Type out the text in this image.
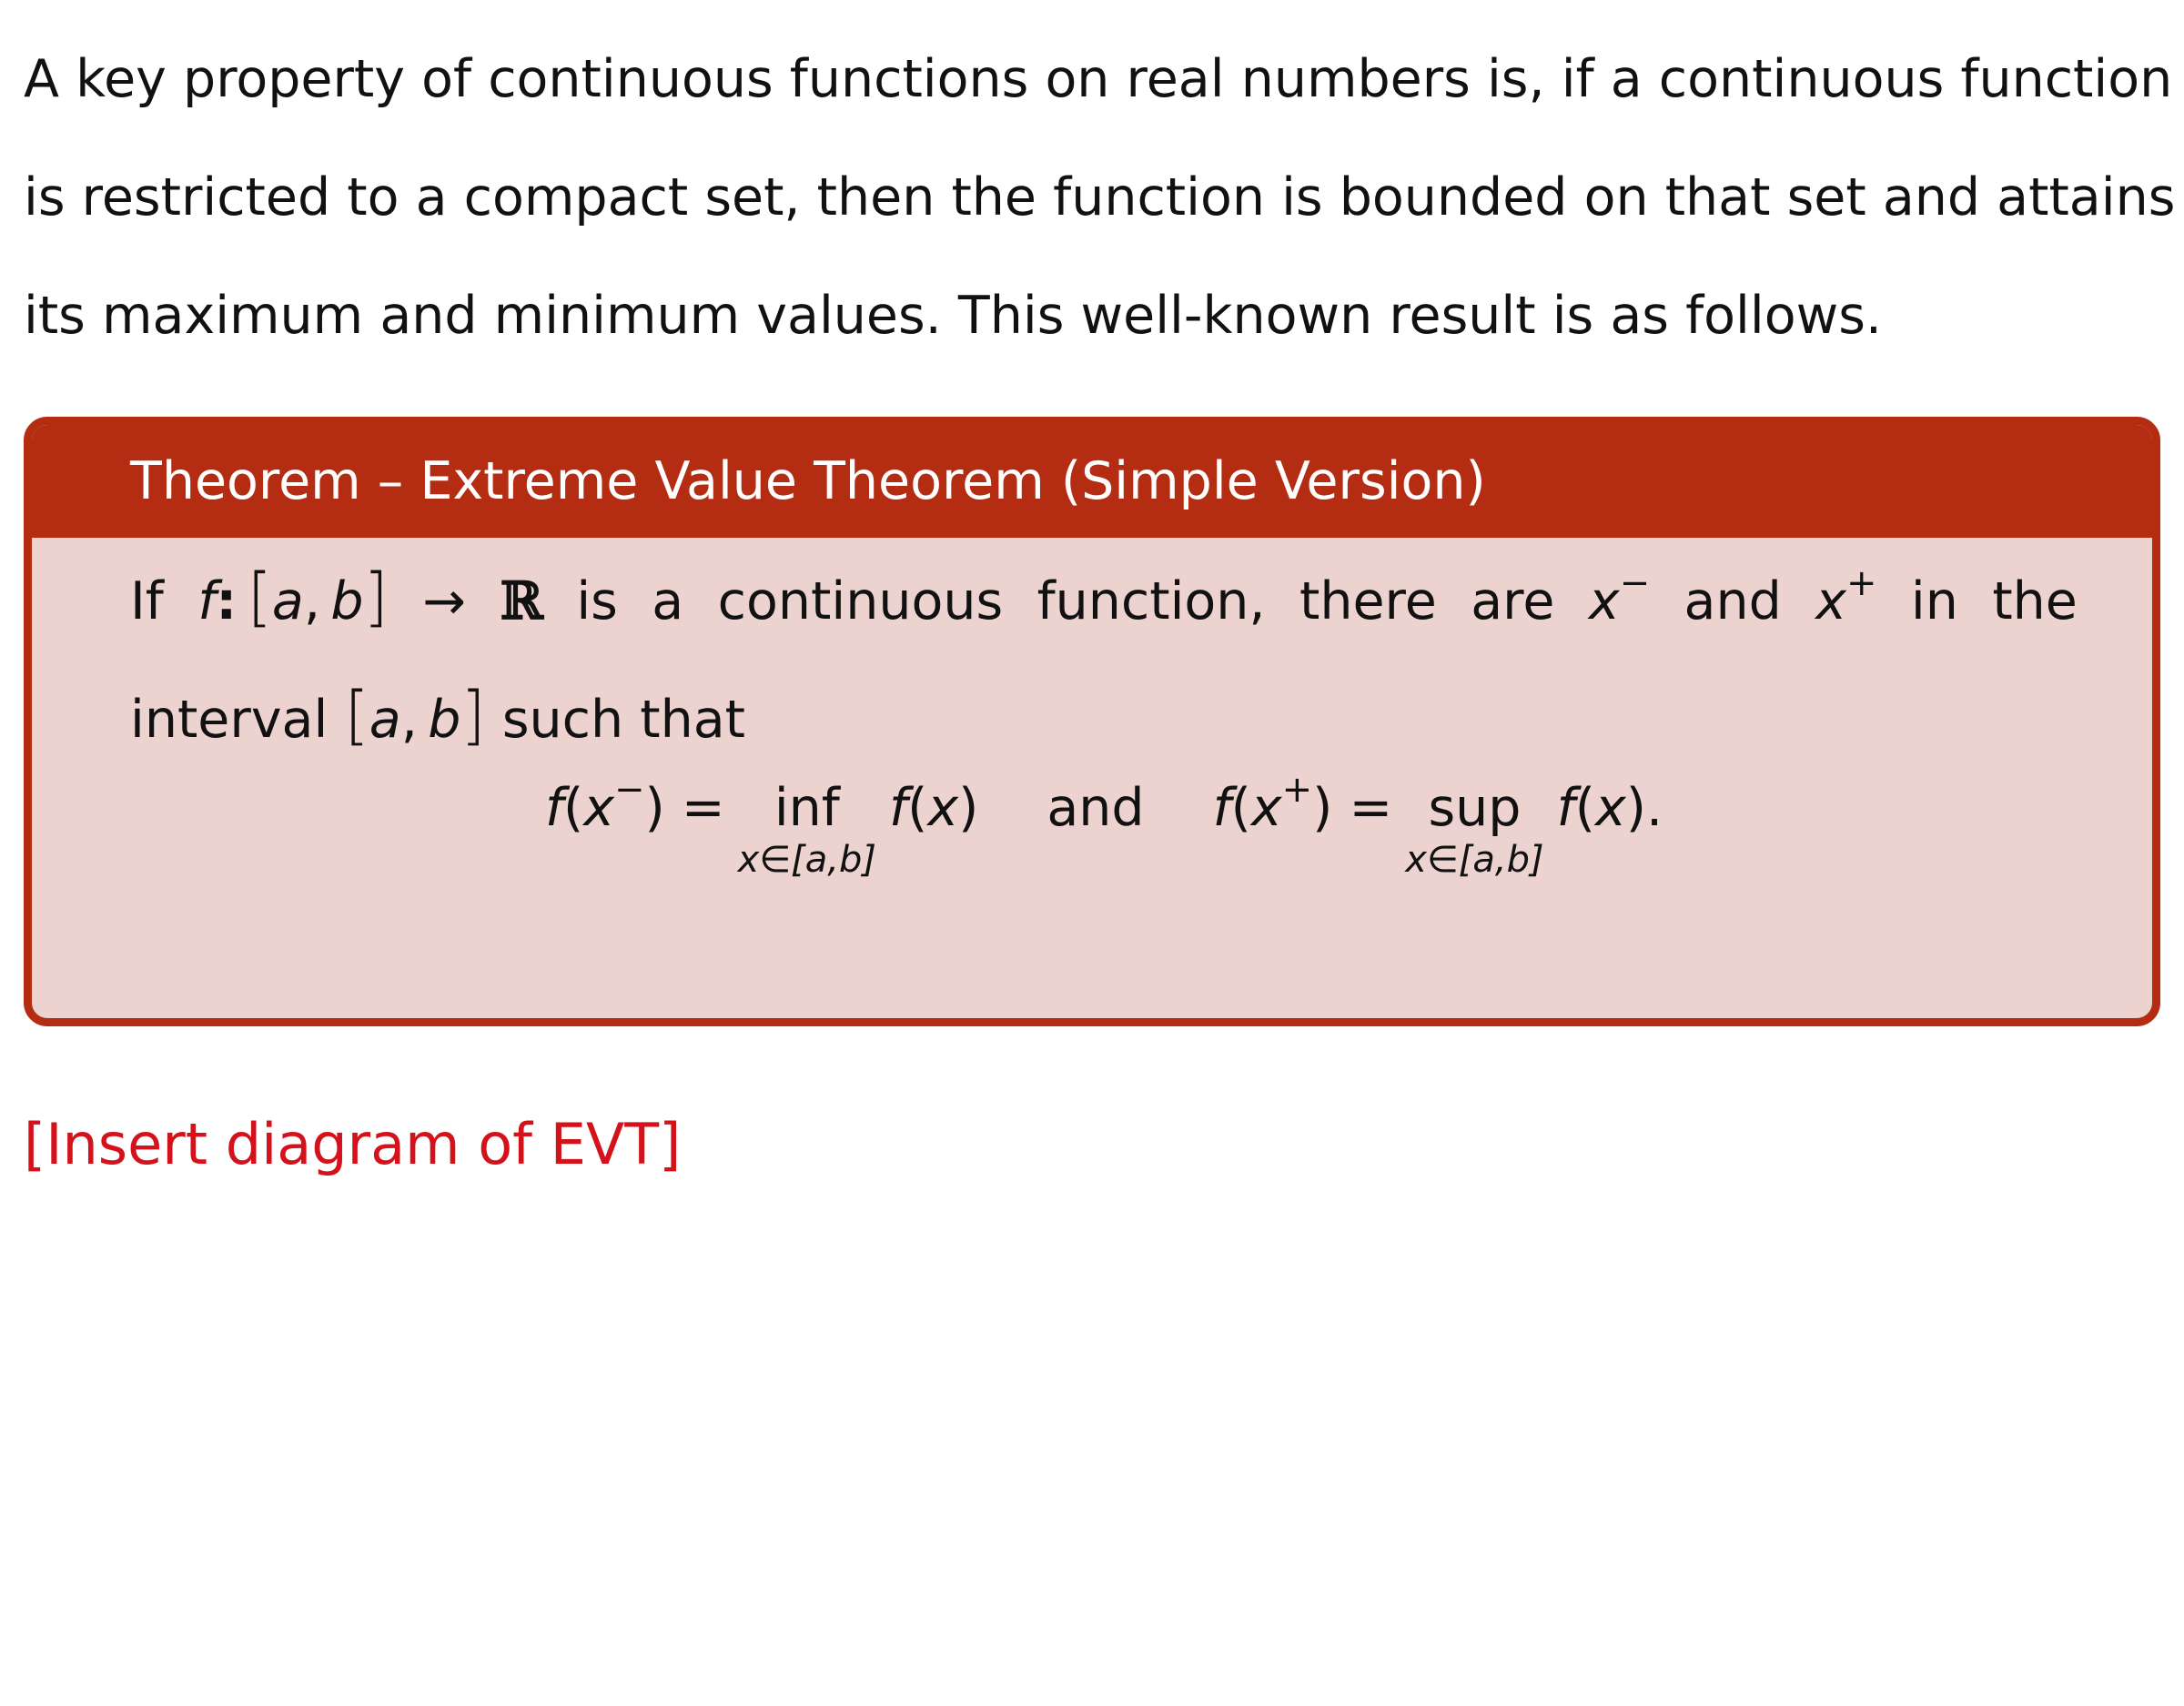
A key property of continuous functions on real numbers is, if a continuous function
is restricted to a compact set, then the function is bounded on that set and attains
its maximum and minimum values. This well-known result is as follows.

Theorem – Extreme Value Theorem (Simple Version)
If f:  [a,  b] → ℝ is a continuous function, there are x− and x+ in the
interval [a,  b] such that
f(x−) = inf
x∈[a,b]
f(x) and f(x+) = sup
x∈[a,b]
f(x).
[Insert diagram of EVT]
